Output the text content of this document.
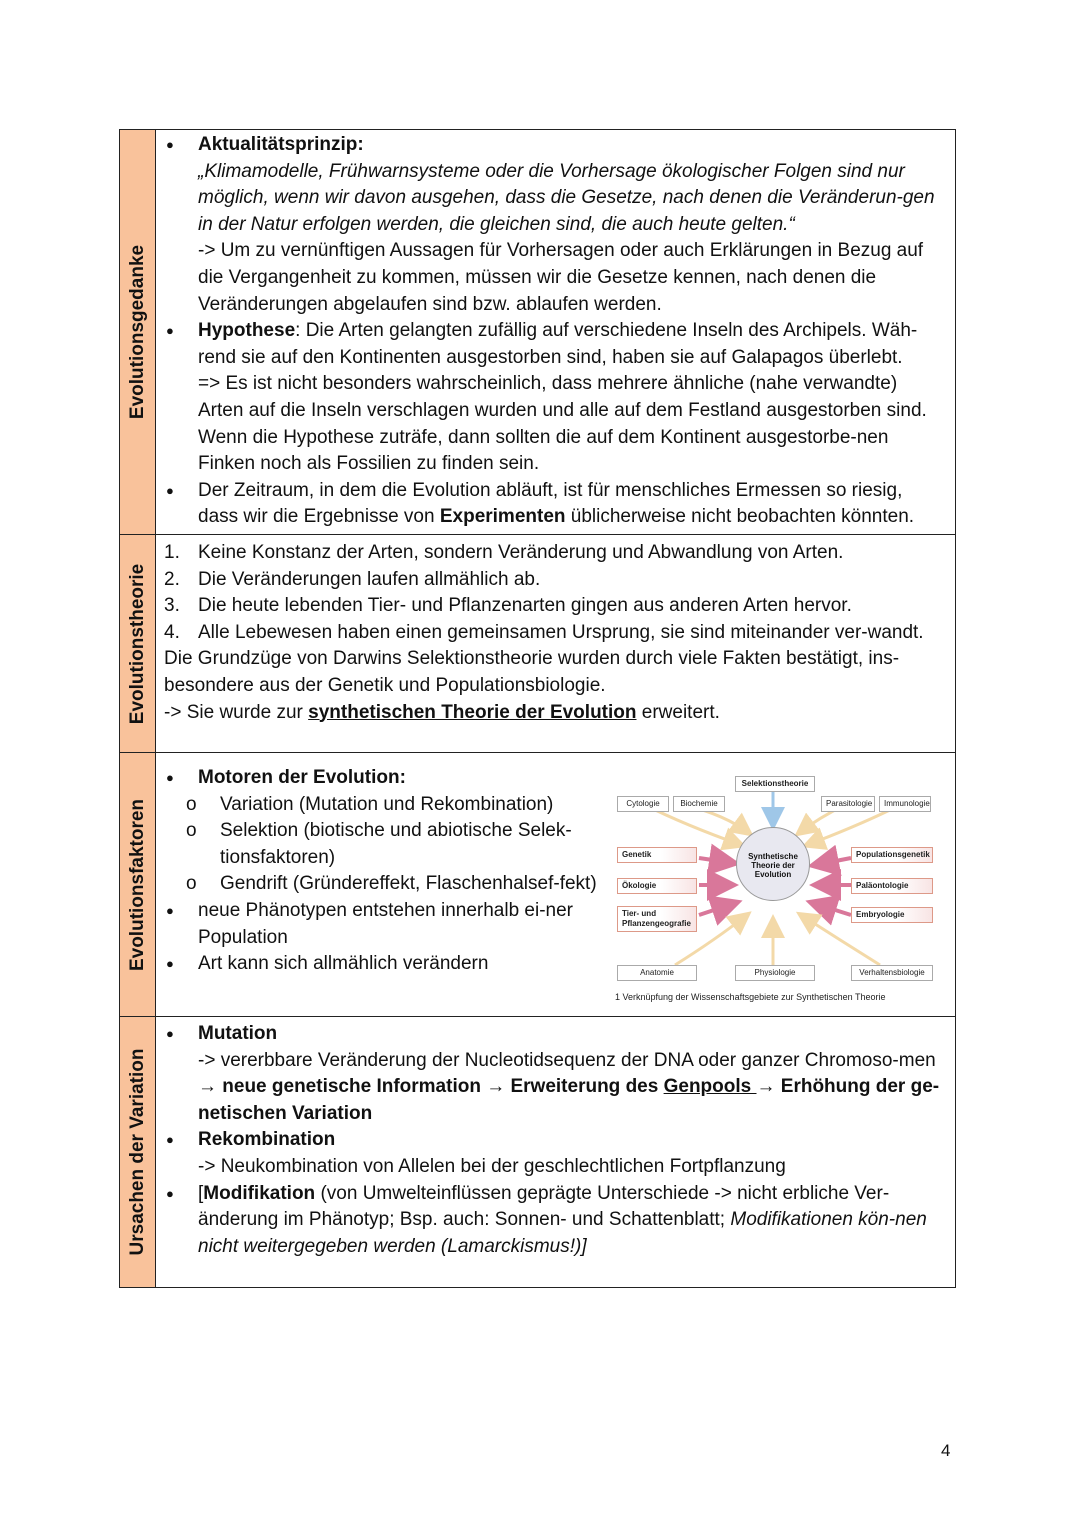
Evolutionsgedanke
● Aktualitätsprinzip:
„Klimamodelle, Frühwarnsysteme oder die Vorhersage ökologischer Folgen sind nur möglich, wenn wir davon ausgehen, dass die Gesetze, nach denen die Veränderun-gen in der Natur erfolgen werden, die gleichen sind, die auch heute gelten.“
-> Um zu vernünftigen Aussagen für Vorhersagen oder auch Erklärungen in Bezug auf die Vergangenheit zu kommen, müssen wir die Gesetze kennen, nach denen die Veränderungen abgelaufen sind bzw. ablaufen werden.
● Hypothese: Die Arten gelangten zufällig auf verschiedene Inseln des Archipels. Wäh-rend sie auf den Kontinenten ausgestorben sind, haben sie auf Galapagos überlebt.
=> Es ist nicht besonders wahrscheinlich, dass mehrere ähnliche (nahe verwandte) Arten auf die Inseln verschlagen wurden und alle auf dem Festland ausgestorben sind. Wenn die Hypothese zuträfe, dann sollten die auf dem Kontinent ausgestorbe-nen Finken noch als Fossilien zu finden sein.
● Der Zeitraum, in dem die Evolution abläuft, ist für menschliches Ermessen so riesig, dass wir die Ergebnisse von Experimenten üblicherweise nicht beobachten könnten.
Evolutionstheorie
1. Keine Konstanz der Arten, sondern Veränderung und Abwandlung von Arten.
2. Die Veränderungen laufen allmählich ab.
3. Die heute lebenden Tier- und Pflanzenarten gingen aus anderen Arten hervor.
4. Alle Lebewesen haben einen gemeinsamen Ursprung, sie sind miteinander ver-wandt.
Die Grundzüge von Darwins Selektionstheorie wurden durch viele Fakten bestätigt, ins-besondere aus der Genetik und Populationsbiologie.
-> Sie wurde zur synthetischen Theorie der Evolution erweitert.
Evolutionsfaktoren
● Motoren der Evolution:
o Variation (Mutation und Rekombination)
o Selektion (biotische und abiotische Selek-tionsfaktoren)
o Gendrift (Gründereffekt, Flaschenhalsef-fekt)
● neue Phänotypen entstehen innerhalb ei-ner Population
● Art kann sich allmählich verändern
Selektionstheorie
Cytologie	Biochemie	Parasitologie	Immunologie
Genetik
Ökologie
Tier- und Pflanzengeografie
Populationsgenetik
Paläontologie
Embryologie
Anatomie	Physiologie	Verhaltensbiologie
Synthetische Theorie der Evolution
1 Verknüpfung der Wissenschaftsgebiete zur Synthetischen Theorie
Ursachen der Variation
● Mutation
-> vererbbare Veränderung der Nucleotidsequenz der DNA oder ganzer Chromoso-men
→ neue genetische Information → Erweiterung des Genpools → Erhöhung der ge-netischen Variation
● Rekombination
-> Neukombination von Allelen bei der geschlechtlichen Fortpflanzung
● [Modifikation (von Umwelteinflüssen geprägte Unterschiede -> nicht erbliche Ver-änderung im Phänotyp; Bsp. auch: Sonnen- und Schattenblatt; Modifikationen kön-nen nicht weitergegeben werden (Lamarckismus!)]
4
